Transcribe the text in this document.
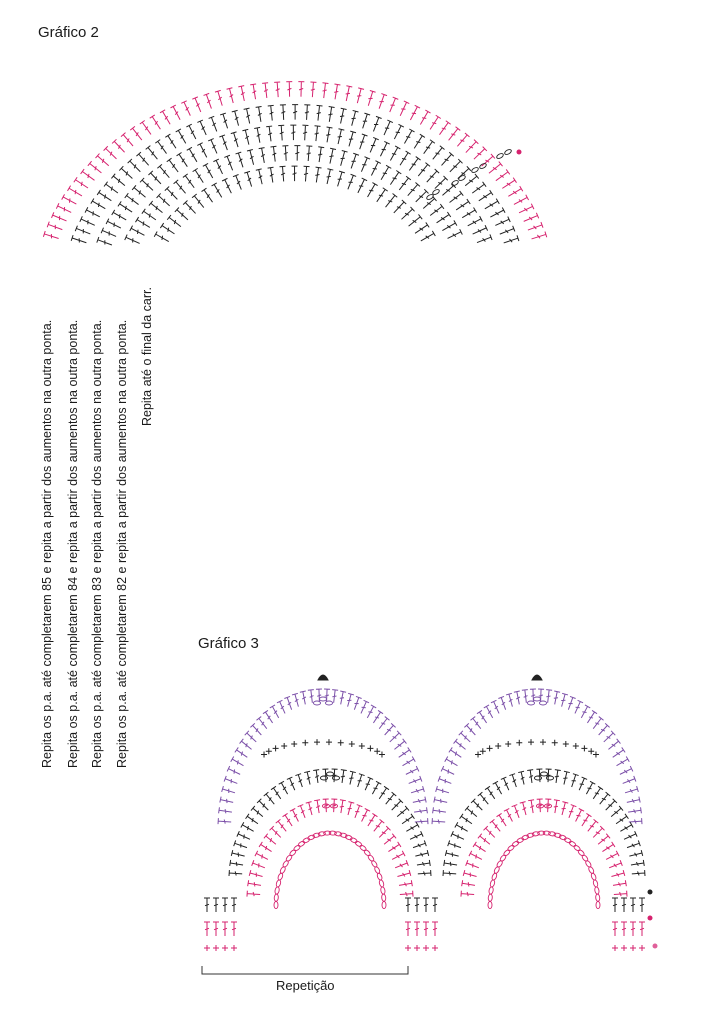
Gráfico 2
Gráfico 3
Repita os p.a. até completarem 85 e repita a partir dos aumentos na outra ponta. Repita os p.a. até completarem 84 e repita a partir dos aumentos na outra ponta. Repita os p.a. até completarem 83 e repita a partir dos aumentos na outra ponta. Repita os p.a. até completarem 82 e repita a partir dos aumentos na outra ponta. Repita até o final da carr.
Repetição
